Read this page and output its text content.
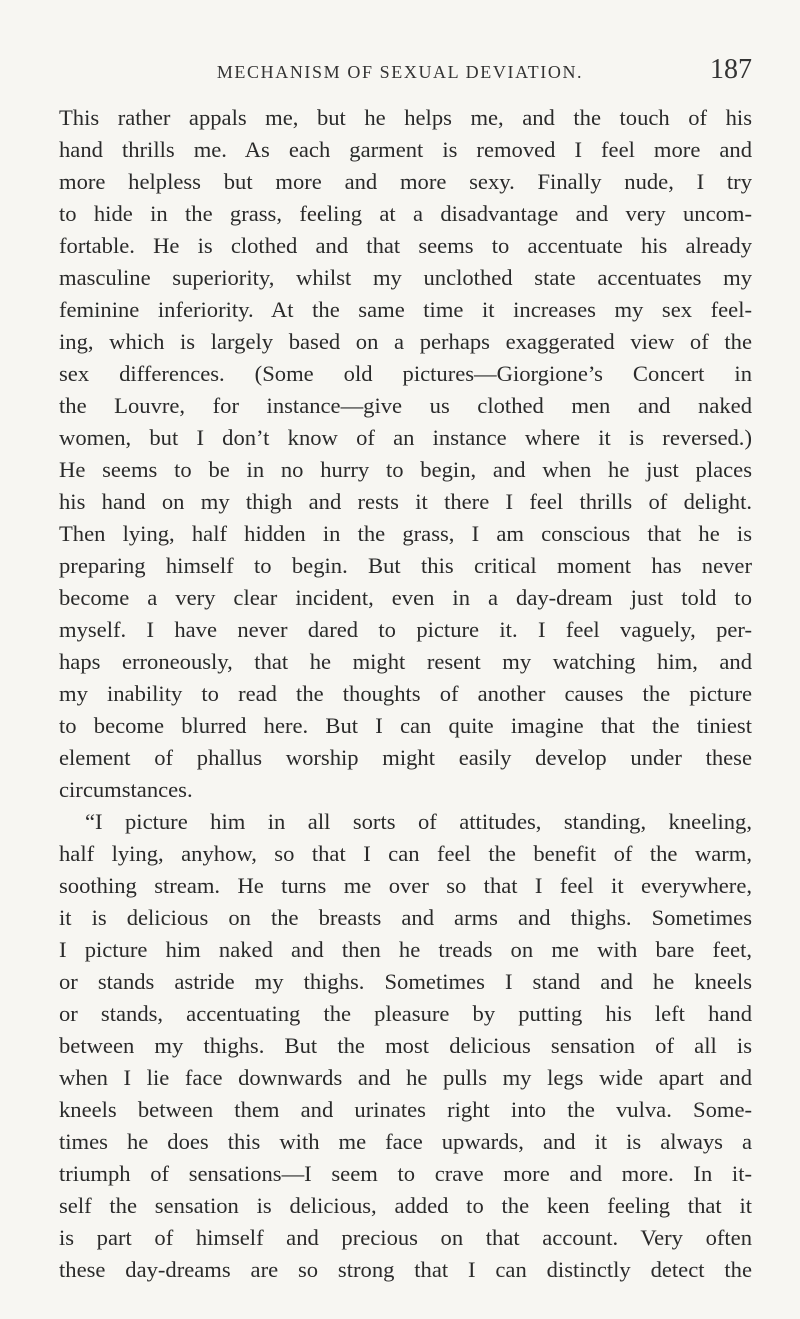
MECHANISM OF SEXUAL DEVIATION.	187
This rather appals me, but he helps me, and the touch of his
hand thrills me. As each garment is removed I feel more and
more helpless but more and more sexy. Finally nude, I try
to hide in the grass, feeling at a disadvantage and very uncom-
fortable. He is clothed and that seems to accentuate his already
masculine superiority, whilst my unclothed state accentuates my
feminine inferiority. At the same time it increases my sex feel-
ing, which is largely based on a perhaps exaggerated view of the
sex differences. (Some old pictures—Giorgione’s Concert in
the Louvre, for instance—give us clothed men and naked
women, but I don’t know of an instance where it is reversed.)
He seems to be in no hurry to begin, and when he just places
his hand on my thigh and rests it there I feel thrills of delight.
Then lying, half hidden in the grass, I am conscious that he is
preparing himself to begin. But this critical moment has never
become a very clear incident, even in a day-dream just told to
myself. I have never dared to picture it. I feel vaguely, per-
haps erroneously, that he might resent my watching him, and
my inability to read the thoughts of another causes the picture
to become blurred here. But I can quite imagine that the tiniest
element of phallus worship might easily develop under these
circumstances.
“I picture him in all sorts of attitudes, standing, kneeling,
half lying, anyhow, so that I can feel the benefit of the warm,
soothing stream. He turns me over so that I feel it everywhere,
it is delicious on the breasts and arms and thighs. Sometimes
I picture him naked and then he treads on me with bare feet,
or stands astride my thighs. Sometimes I stand and he kneels
or stands, accentuating the pleasure by putting his left hand
between my thighs. But the most delicious sensation of all is
when I lie face downwards and he pulls my legs wide apart and
kneels between them and urinates right into the vulva. Some-
times he does this with me face upwards, and it is always a
triumph of sensations—I seem to crave more and more. In it-
self the sensation is delicious, added to the keen feeling that it
is part of himself and precious on that account. Very often
these day-dreams are so strong that I can distinctly detect the
